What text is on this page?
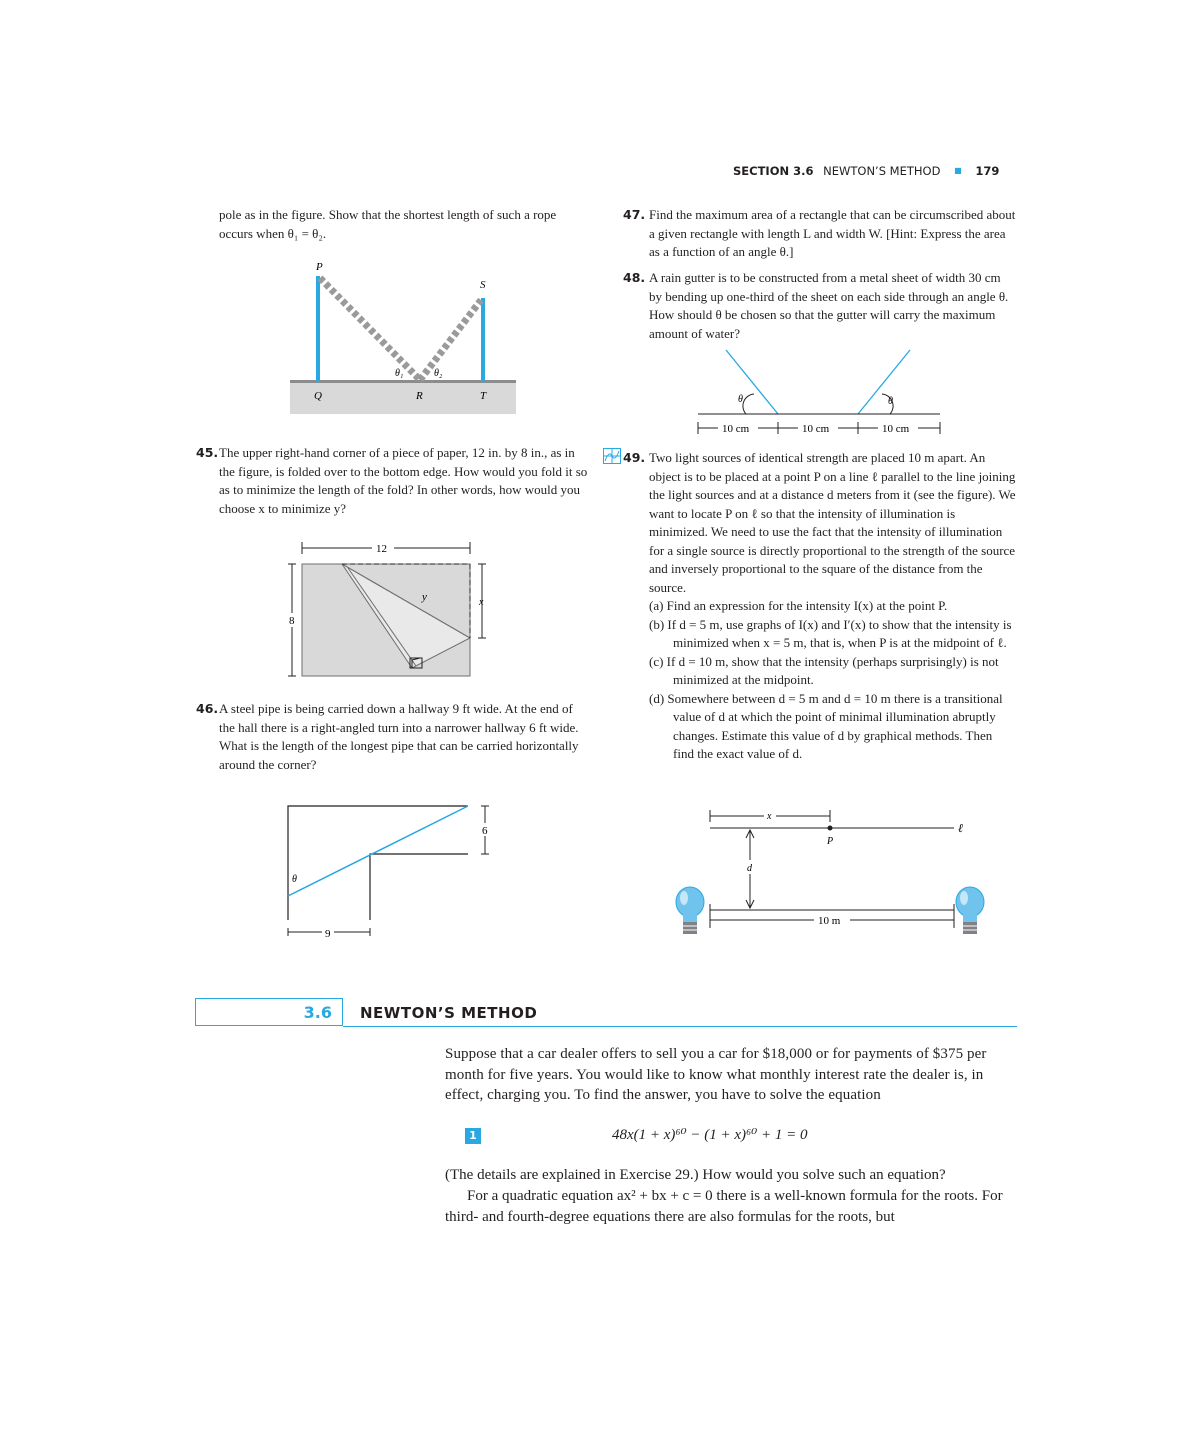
SECTION 3.6 NEWTON’S METHOD ■ 179
pole as in the figure. Show that the shortest length of such a rope occurs when θ₁ = θ₂.
P
S
θ₁	θ₂
Q	R	T
45. The upper right-hand corner of a piece of paper, 12 in. by 8 in., as in the figure, is folded over to the bottom edge. How would you fold it so as to minimize the length of the fold? In other words, how would you choose x to minimize y?
12
y	x
8
46. A steel pipe is being carried down a hallway 9 ft wide. At the end of the hall there is a right-angled turn into a narrower hallway 6 ft wide. What is the length of the longest pipe that can be carried horizontally around the corner?
θ
6
9
47. Find the maximum area of a rectangle that can be circumscribed about a given rectangle with length L and width W. [Hint: Express the area as a function of an angle θ.]
48. A rain gutter is to be constructed from a metal sheet of width 30 cm by bending up one-third of the sheet on each side through an angle θ. How should θ be chosen so that the gutter will carry the maximum amount of water?
θ	θ
10 cm	10 cm	10 cm
49. Two light sources of identical strength are placed 10 m apart. An object is to be placed at a point P on a line ℓ parallel to the line joining the light sources and at a distance d meters from it (see the figure). We want to locate P on ℓ so that the intensity of illumination is minimized. We need to use the fact that the intensity of illumination for a single source is directly proportional to the strength of the source and inversely proportional to the square of the distance from the source.
(a) Find an expression for the intensity I(x) at the point P.
(b) If d = 5 m, use graphs of I(x) and I′(x) to show that the intensity is minimized when x = 5 m, that is, when P is at the midpoint of ℓ.
(c) If d = 10 m, show that the intensity (perhaps surprisingly) is not minimized at the midpoint.
(d) Somewhere between d = 5 m and d = 10 m there is a transitional value of d at which the point of minimal illumination abruptly changes. Estimate this value of d by graphical methods. Then find the exact value of d.
ℓ
P
x
d
10 m
3.6 NEWTON’S METHOD
Suppose that a car dealer offers to sell you a car for $18,000 or for payments of $375 per month for five years. You would like to know what monthly interest rate the dealer is, in effect, charging you. To find the answer, you have to solve the equation
1	48x(1 + x)⁶⁰ − (1 + x)⁶⁰ + 1 = 0
(The details are explained in Exercise 29.) How would you solve such an equation?
For a quadratic equation ax² + bx + c = 0 there is a well-known formula for the roots. For third- and fourth-degree equations there are also formulas for the roots, but
